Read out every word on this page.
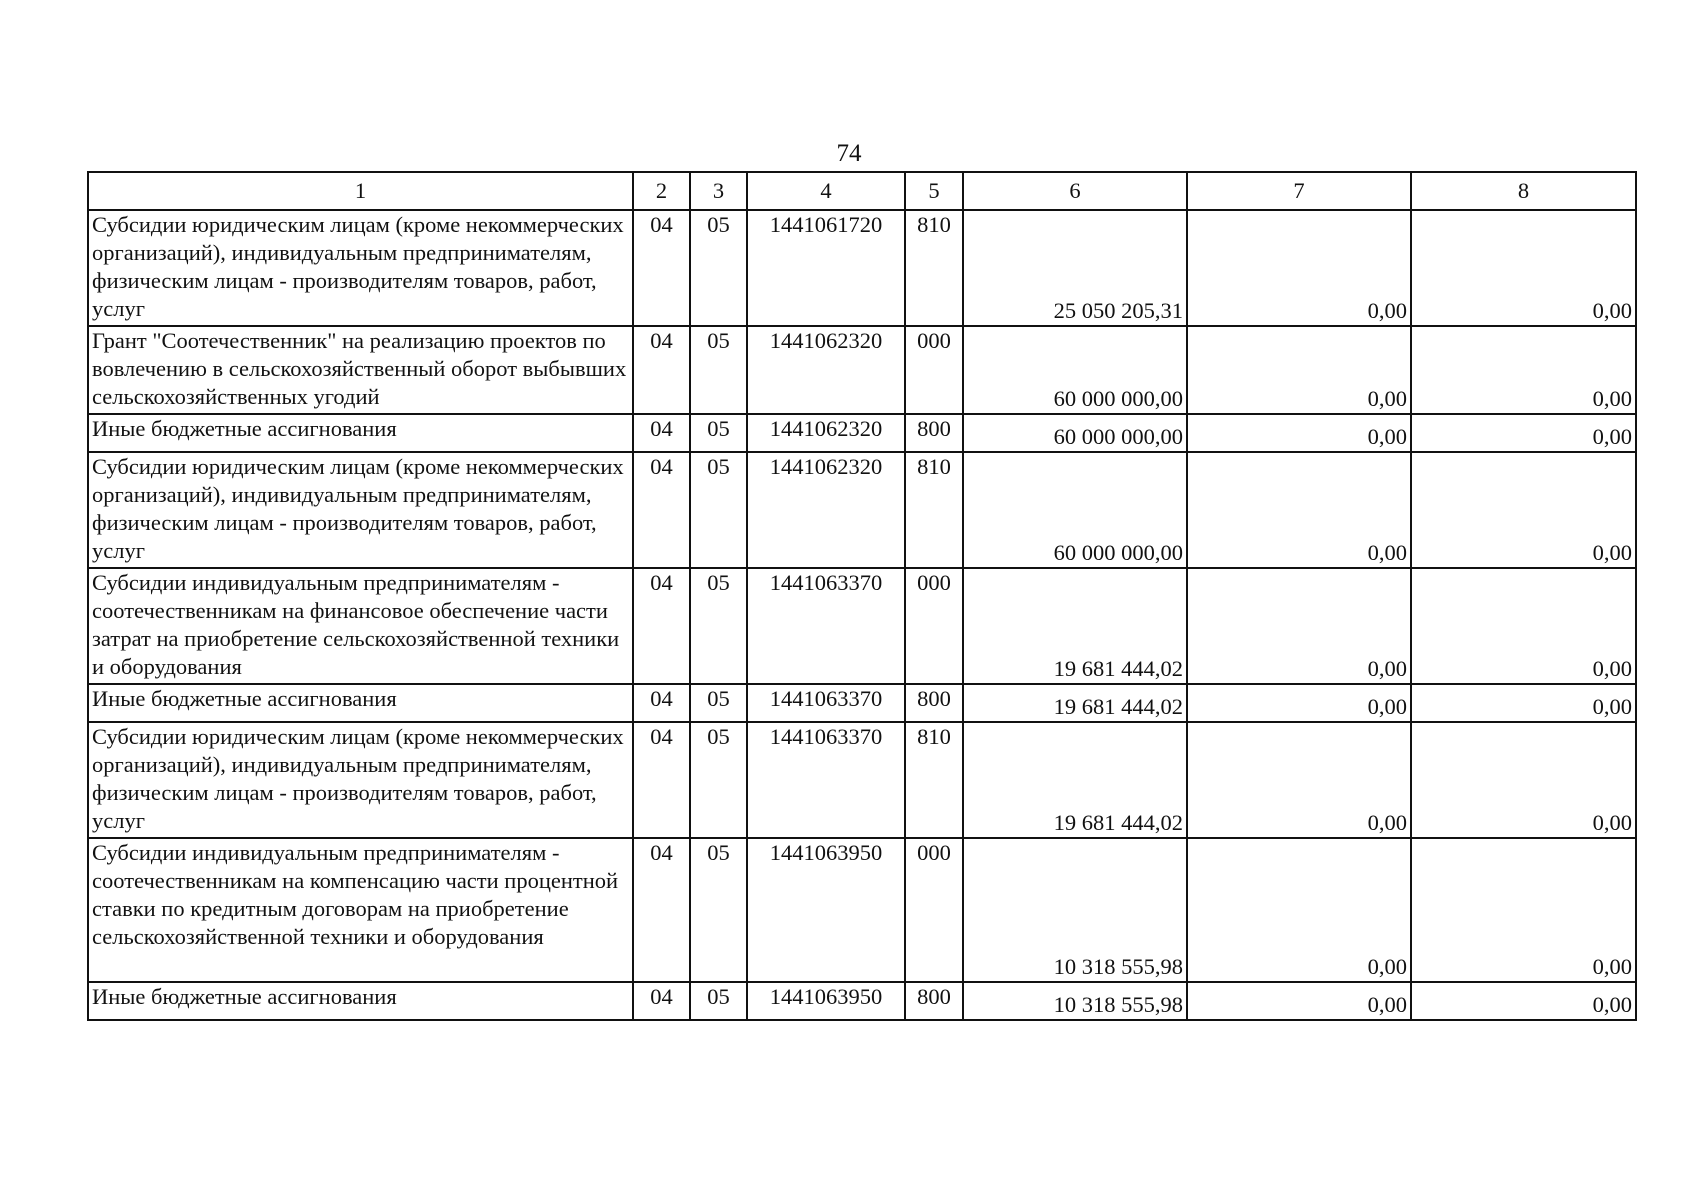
74
1	2	3	4	5	6	7	8
Субсидии юридическим лицам (кроме некоммерческих организаций), индивидуальным предпринимателям, физическим лицам - производителям товаров, работ, услуг	04	05	1441061720	810	25 050 205,31	0,00	0,00
Грант "Соотечественник" на реализацию проектов по вовлечению в сельскохозяйственный оборот выбывших сельскохозяйственных угодий	04	05	1441062320	000	60 000 000,00	0,00	0,00
Иные бюджетные ассигнования	04	05	1441062320	800	60 000 000,00	0,00	0,00
Субсидии юридическим лицам (кроме некоммерческих организаций), индивидуальным предпринимателям, физическим лицам - производителям товаров, работ, услуг	04	05	1441062320	810	60 000 000,00	0,00	0,00
Субсидии индивидуальным предпринимателям - соотечественникам на финансовое обеспечение части затрат на приобретение сельскохозяйственной техники и оборудования	04	05	1441063370	000	19 681 444,02	0,00	0,00
Иные бюджетные ассигнования	04	05	1441063370	800	19 681 444,02	0,00	0,00
Субсидии юридическим лицам (кроме некоммерческих организаций), индивидуальным предпринимателям, физическим лицам - производителям товаров, работ, услуг	04	05	1441063370	810	19 681 444,02	0,00	0,00
Субсидии индивидуальным предпринимателям - соотечественникам на компенсацию части процентной ставки по кредитным договорам на приобретение сельскохозяйственной техники и оборудования	04	05	1441063950	000	10 318 555,98	0,00	0,00
Иные бюджетные ассигнования	04	05	1441063950	800	10 318 555,98	0,00	0,00
